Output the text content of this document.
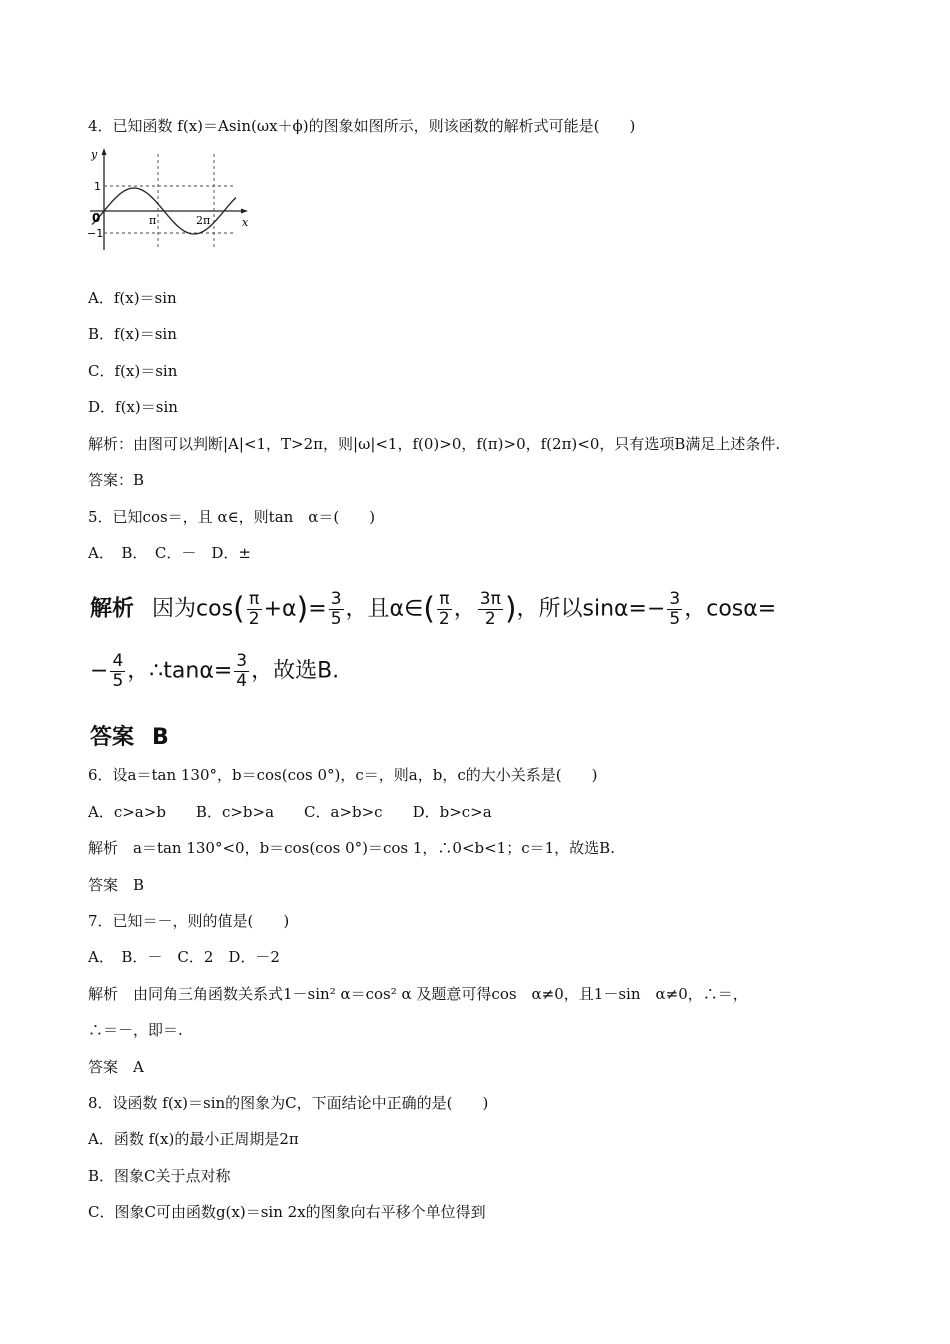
4．已知函数 f(x)＝Asin(ωx＋ϕ)的图象如图所示，则该函数的解析式可能是(　　)

y
x
0
1
−1
π	2π

A．f(x)＝sin

B．f(x)＝sin

C．f(x)＝sin

D．f(x)＝sin

解析：由图可以判断|A|<1，T>2π，则|ω|<1，f(0)>0，f(π)>0，f(2π)<0，只有选项B满足上述条件.

答案：B

5．已知cos＝，且 α∈，则tan　α＝(　　)

A．　B．　C．－　D．±

解析 因为$\cos( \frac{\pi}{2} +\alpha)= \frac{3}{5}$ ，且α∈( $\frac{\pi}{2}$ ， $\frac{3\pi}{2}$ )，所以$\sin\alpha=- \frac{3}{5}$ ，cosα=
− $\frac{4}{5}$ ，∴tanα= $\frac{3}{4}$ ，故选B.
答案 B

6．设a＝tan 130°，b＝cos(cos 0°)，c＝，则a，b，c的大小关系是(　　)

A．c>a>b　　B．c>b>a　　C．a>b>c　　D．b>c>a

解析　a＝tan 130°<0，b＝cos(cos 0°)＝cos 1，∴0<b<1；c＝1，故选B.

答案　B

7．已知＝－，则的值是(　　)

A．　B．－　C．2　D．－2

解析　由同角三角函数关系式1－sin² α＝cos² α 及题意可得cos　α≠0，且1－sin　α≠0，∴＝，

∴＝－，即＝.

答案　A

8．设函数 f(x)＝sin的图象为C，下面结论中正确的是(　　)

A．函数 f(x)的最小正周期是2π

B．图象C关于点对称

C．图象C可由函数g(x)＝sin 2x的图象向右平移个单位得到
